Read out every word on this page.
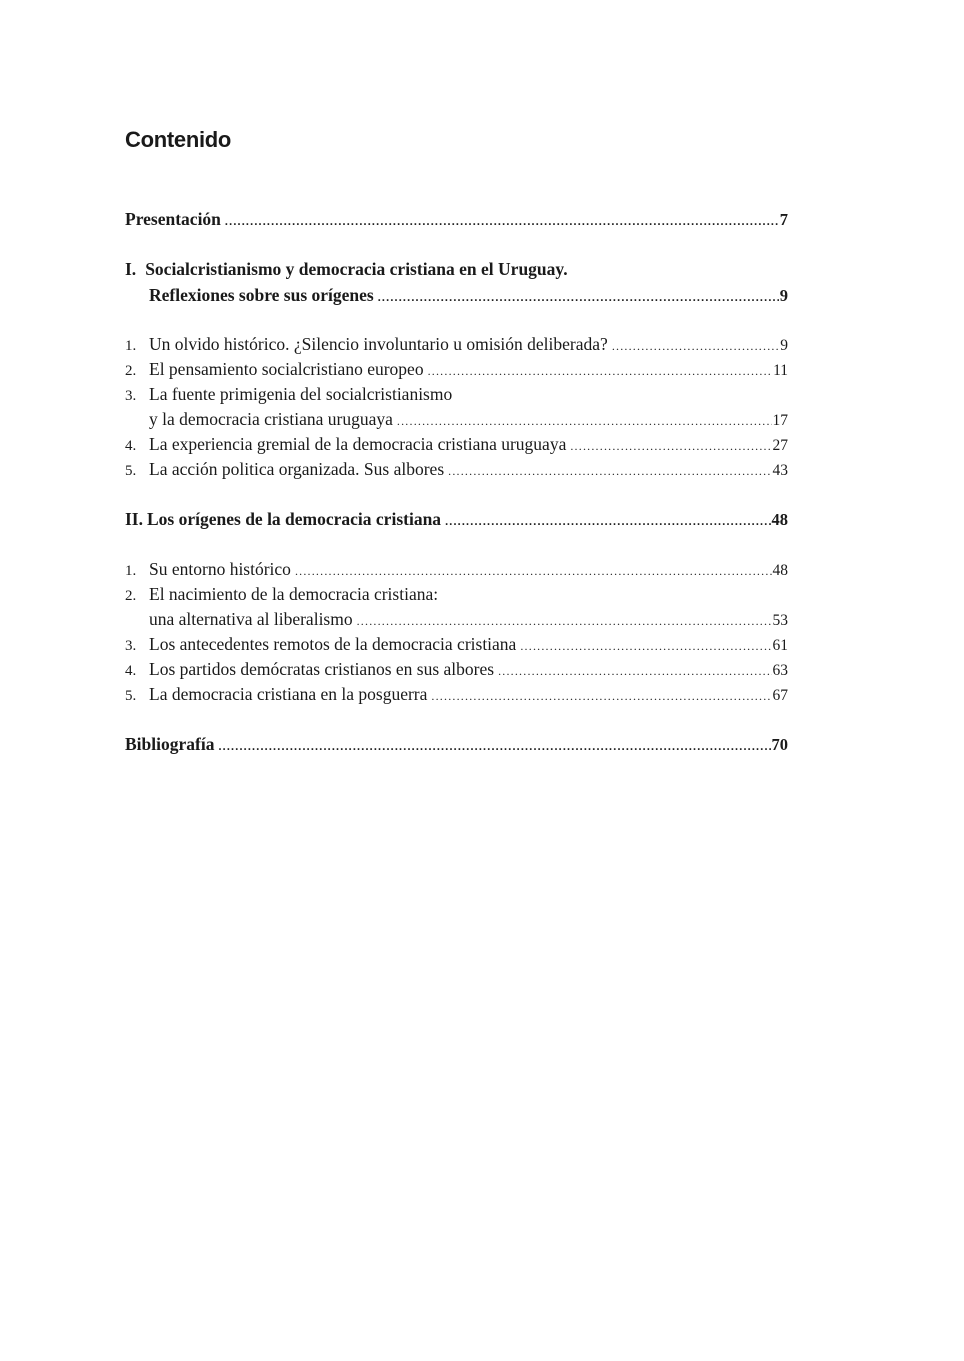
Contenido
Presentación .....	7
I. Socialcristianismo y democracia cristiana en el Uruguay.
Reflexiones sobre sus orígenes .....	9
1. Un olvido histórico. ¿Silencio involuntario u omisión deliberada? .....	9
2. El pensamiento socialcristiano europeo .....	11
3. La fuente primigenia del socialcristianismo
y la democracia cristiana uruguaya .....	17
4. La experiencia gremial de la democracia cristiana uruguaya .....	27
5. La acción politica organizada. Sus albores .....	43
II. Los orígenes de la democracia cristiana .....	48
1. Su entorno histórico .....	48
2. El nacimiento de la democracia cristiana:
una alternativa al liberalismo .....	53
3. Los antecedentes remotos de la democracia cristiana .....	61
4. Los partidos demócratas cristianos en sus albores .....	63
5. La democracia cristiana en la posguerra .....	67
Bibliografía .....	70
